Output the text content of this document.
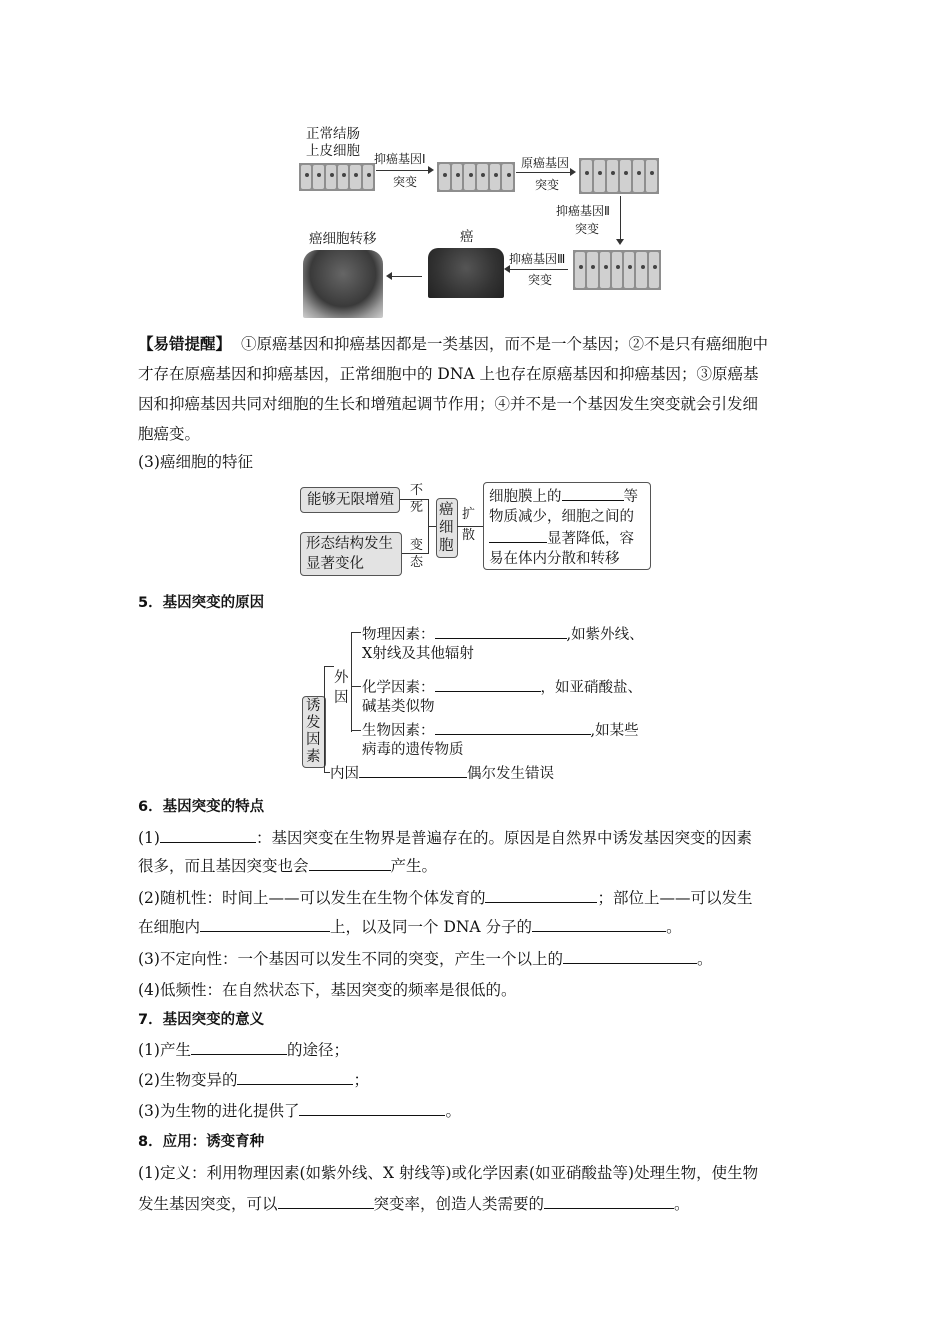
正常结肠
上皮细胞 抑癌基因Ⅰ
突变
原癌基因
突变
抑癌基因Ⅱ
突变
抑癌基因Ⅲ
突变
癌
癌细胞转移
【易错提醒】 ①原癌基因和抑癌基因都是一类基因，而不是一个基因；②不是只有癌细胞中
才存在原癌基因和抑癌基因，正常细胞中的 DNA 上也存在原癌基因和抑癌基因；③原癌基
因和抑癌基因共同对细胞的生长和增殖起调节作用；④并不是一个基因发生突变就会引发细
胞癌变。
(3)癌细胞的特征
能够无限增殖
不
死
形态结构发生
显著变化
变
态
癌
细
胞
扩
散
细胞膜上的	等
物质减少，细胞之间的
显著降低，容
易在体内分散和转移
5．基因突变的原因
诱
发
因
素
外
因
物理因素：	,如紫外线、
X射线及其他辐射
化学因素：	，如亚硝酸盐、
碱基类似物
生物因素：	,如某些
病毒的遗传物质
内因	偶尔发生错误
6．基因突变的特点
(1)	：基因突变在生物界是普遍存在的。原因是自然界中诱发基因突变的因素
很多，而且基因突变也会	产生。
(2)随机性：时间上——可以发生在生物个体发育的	；部位上——可以发生
在细胞内	上，以及同一个 DNA 分子的	。
(3)不定向性：一个基因可以发生不同的突变，产生一个以上的	。
(4)低频性：在自然状态下，基因突变的频率是很低的。
7．基因突变的意义
(1)产生	的途径；
(2)生物变异的	；
(3)为生物的进化提供了	。
8．应用：诱变育种
(1)定义：利用物理因素(如紫外线、X 射线等)或化学因素(如亚硝酸盐等)处理生物，使生物
发生基因突变，可以	突变率，创造人类需要的	。
